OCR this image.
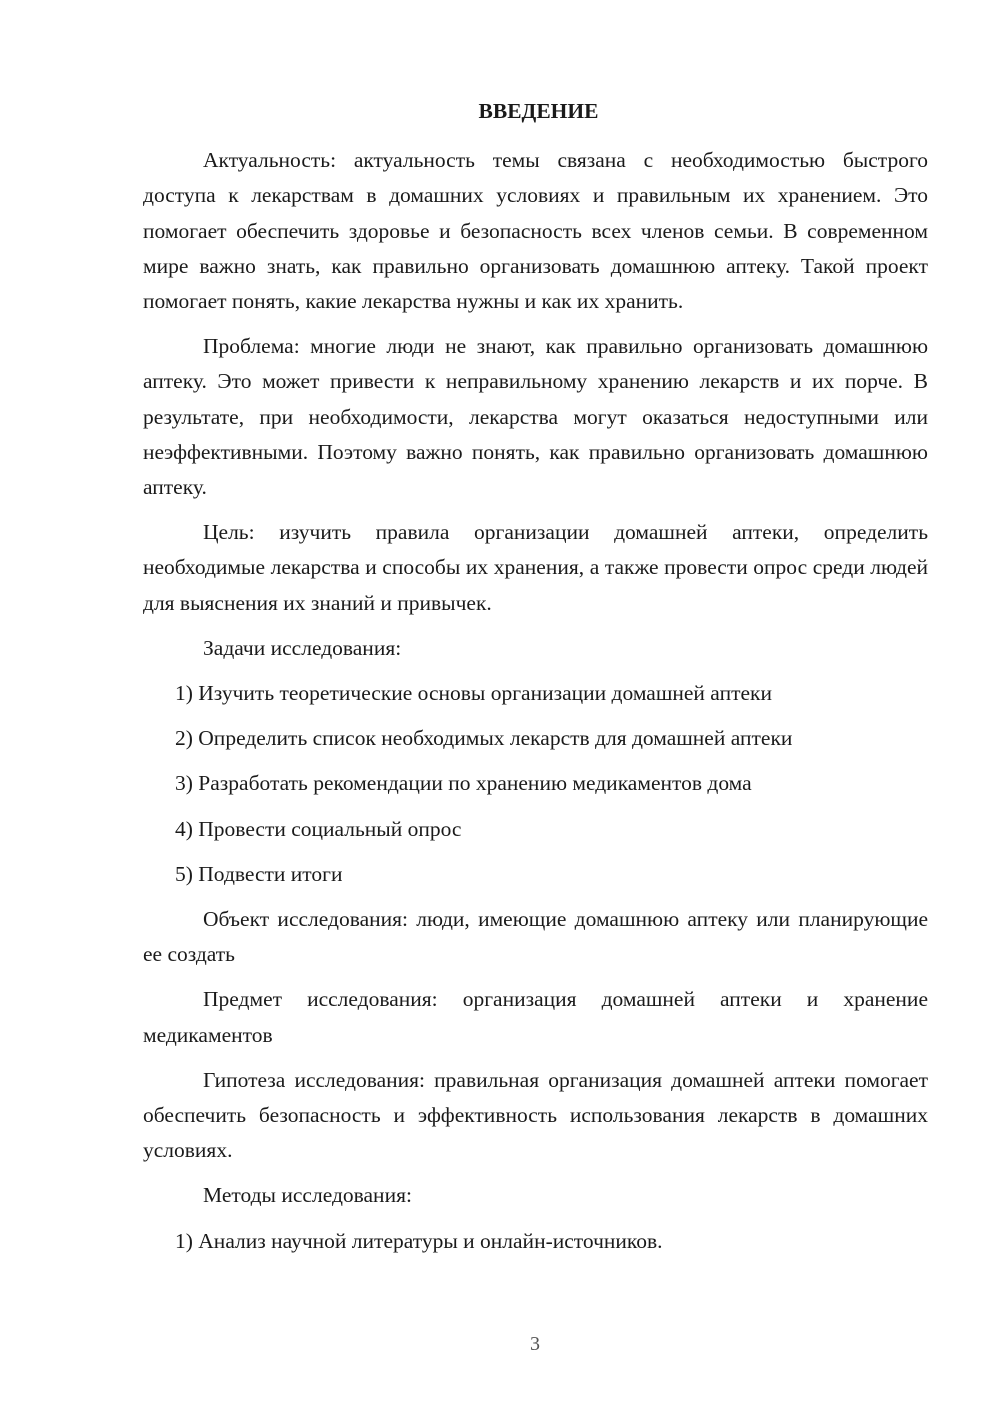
ВВЕДЕНИЕ

Актуальность: актуальность темы связана с необходимостью быстрого доступа к лекарствам в домашних условиях и правильным их хранением. Это помогает обеспечить здоровье и безопасность всех членов семьи. В современном мире важно знать, как правильно организовать домашнюю аптеку. Такой проект помогает понять, какие лекарства нужны и как их хранить.

Проблема: многие люди не знают, как правильно организовать домашнюю аптеку. Это может привести к неправильному хранению лекарств и их порче. В результате, при необходимости, лекарства могут оказаться недоступными или неэффективными. Поэтому важно понять, как правильно организовать домашнюю аптеку.

Цель: изучить правила организации домашней аптеки, определить необходимые лекарства и способы их хранения, а также провести опрос среди людей для выяснения их знаний и привычек.

Задачи исследования:

1) Изучить теоретические основы организации домашней аптеки

2) Определить список необходимых лекарств для домашней аптеки

3) Разработать рекомендации по хранению медикаментов дома

4) Провести социальный опрос

5) Подвести итоги

Объект исследования: люди, имеющие домашнюю аптеку или планирующие ее создать

Предмет исследования: организация домашней аптеки и хранение медикаментов

Гипотеза исследования: правильная организация домашней аптеки помогает обеспечить безопасность и эффективность использования лекарств в домашних условиях.

Методы исследования:

1) Анализ научной литературы и онлайн-источников.

3
